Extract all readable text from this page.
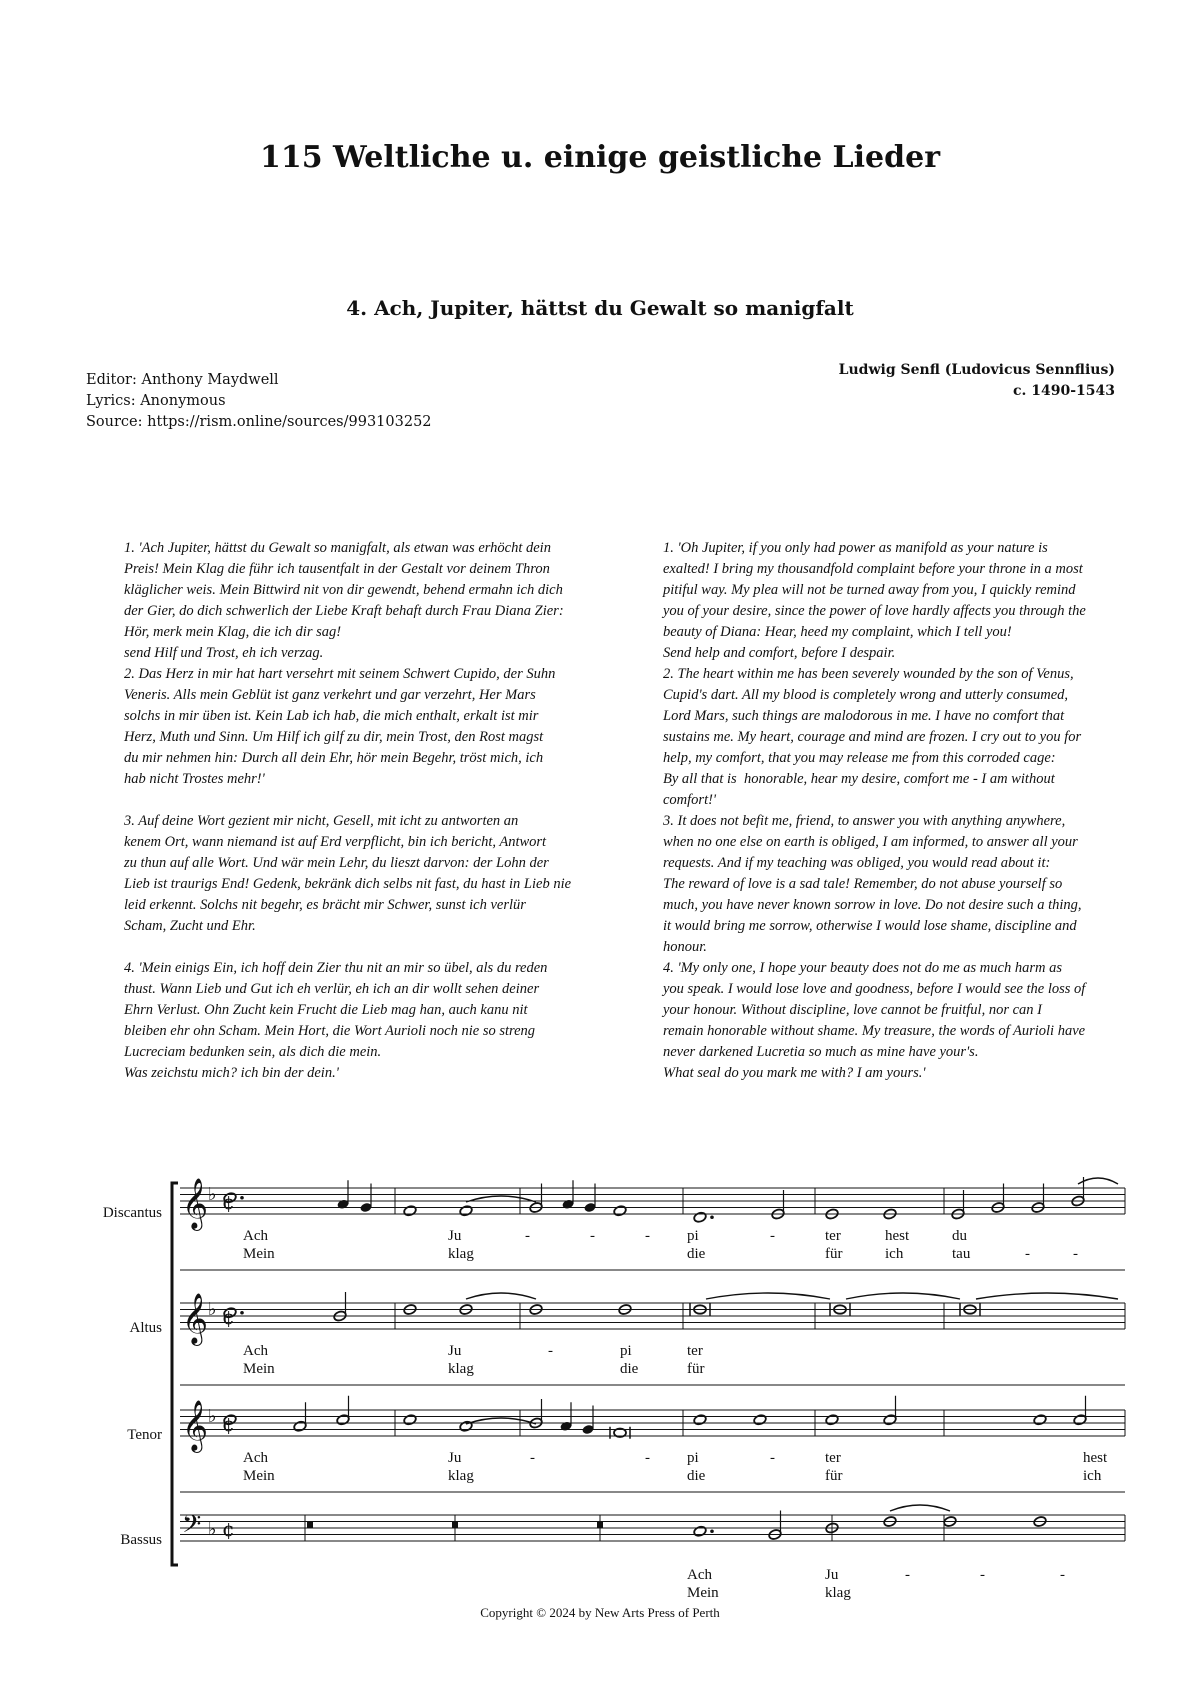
115 Weltliche u. einige geistliche Lieder
4. Ach, Jupiter, hättst du Gewalt so manigfalt
Editor: Anthony Maydwell
Lyrics: Anonymous
Source: https://rism.online/sources/993103252
Ludwig Senfl (Ludovicus Sennflius)
c. 1490-1543
1. 'Ach Jupiter, hättst du Gewalt so manigfalt, als etwan was erhöcht dein
Preis! Mein Klag die führ ich tausentfalt in der Gestalt vor deinem Thron
kläglicher weis. Mein Bittwird nit von dir gewendt, behend ermahn ich dich
der Gier, do dich schwerlich der Liebe Kraft behaft durch Frau Diana Zier:
Hör, merk mein Klag, die ich dir sag!
send Hilf und Trost, eh ich verzag.
2. Das Herz in mir hat hart versehrt mit seinem Schwert Cupido, der Suhn
Veneris. Alls mein Geblüt ist ganz verkehrt und gar verzehrt, Her Mars
solchs in mir üben ist. Kein Lab ich hab, die mich enthalt, erkalt ist mir
Herz, Muth und Sinn. Um Hilf ich gilf zu dir, mein Trost, den Rost magst
du mir nehmen hin: Durch all dein Ehr, hör mein Begehr, tröst mich, ich
hab nicht Trostes mehr!'
3. Auf deine Wort gezient mir nicht, Gesell, mit icht zu antworten an
kenem Ort, wann niemand ist auf Erd verpflicht, bin ich bericht, Antwort
zu thun auf alle Wort. Und wär mein Lehr, du lieszt darvon: der Lohn der
Lieb ist traurigs End! Gedenk, bekränk dich selbs nit fast, du hast in Lieb nie
leid erkennt. Solchs nit begehr, es brächt mir Schwer, sunst ich verlür
Scham, Zucht und Ehr.
4. 'Mein einigs Ein, ich hoff dein Zier thu nit an mir so übel, als du reden
thust. Wann Lieb und Gut ich eh verlür, eh ich an dir wollt sehen deiner
Ehrn Verlust. Ohn Zucht kein Frucht die Lieb mag han, auch kanu nit
bleiben ehr ohn Scham. Mein Hort, die Wort Aurioli noch nie so streng
Lucreciam bedunken sein, als dich die mein.
Was zeichstu mich? ich bin der dein.'
1. 'Oh Jupiter, if you only had power as manifold as your nature is
exalted! I bring my thousandfold complaint before your throne in a most
pitiful way. My plea will not be turned away from you, I quickly remind
you of your desire, since the power of love hardly affects you through the
beauty of Diana: Hear, heed my complaint, which I tell you!
Send help and comfort, before I despair.
2. The heart within me has been severely wounded by the son of Venus,
Cupid's dart. All my blood is completely wrong and utterly consumed,
Lord Mars, such things are malodorous in me. I have no comfort that
sustains me. My heart, courage and mind are frozen. I cry out to you for
help, my comfort, that you may release me from this corroded cage:
By all that is  honorable, hear my desire, comfort me - I am without
comfort!'
3. It does not befit me, friend, to answer you with anything anywhere,
when no one else on earth is obliged, I am informed, to answer all your
requests. And if my teaching was obliged, you would read about it:
The reward of love is a sad tale! Remember, do not abuse yourself so
much, you have never known sorrow in love. Do not desire such a thing,
it would bring me sorrow, otherwise I would lose shame, discipline and
honour.
4. 'My only one, I hope your beauty does not do me as much harm as
you speak. I would lose love and goodness, before I would see the loss of
your honour. Without discipline, love cannot be fruitful, nor can I
remain honorable without shame. My treasure, the words of Aurioli have
never darkened Lucretia so much as mine have your's.
What seal do you mark me with? I am yours.'
𝄞 ♭ ¢
𝄞 ♭ ¢
𝄞 ♭ ¢
𝄢 ♭ ¢
Discantus
Altus
Tenor
Bassus
Ach	Ju	-	-	- pi	-	ter	hest	du
Mein	klag	die	für	ich	tau	-	-
Ach	Ju	-	pi	ter
Mein	klag	die	für
Ach	Ju	-	- pi	-	ter	hest
Mein	klag	die	für	ich
Ach	Ju	-	-	-
Mein	klag
Copyright © 2024 by New Arts Press of Perth
